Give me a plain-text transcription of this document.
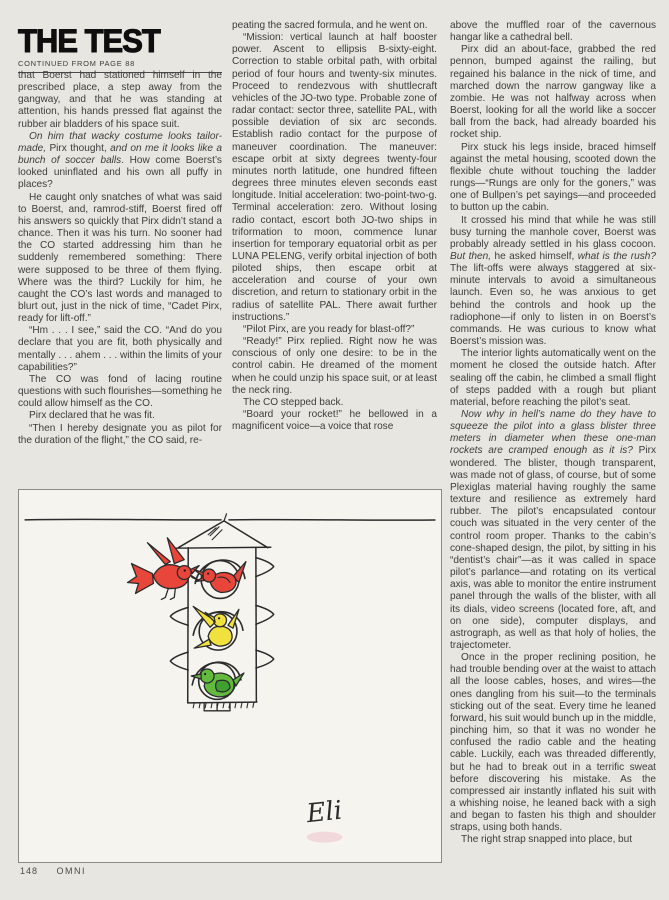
THE TEST
CONTINUED FROM PAGE 88

that Boerst had stationed himself in the prescribed place, a step away from the gangway, and that he was standing at attention, his hands pressed flat against the rubber air bladders of his space suit.

On him that wacky costume looks tailor-made, Pirx thought, and on me it looks like a bunch of soccer balls. How come Boerst’s looked uninflated and his own all puffy in places?

He caught only snatches of what was said to Boerst, and, ramrod-stiff, Boerst fired off his answers so quickly that Pirx didn’t stand a chance. Then it was his turn. No sooner had the CO started addressing him than he suddenly remembered something: There were supposed to be three of them flying. Where was the third? Luckily for him, he caught the CO’s last words and managed to blurt out, just in the nick of time, “Cadet Pirx, ready for lift-off.”

“Hm . . . I see,” said the CO. “And do you declare that you are fit, both physically and mentally . . . ahem . . . within the limits of your capabilities?”

The CO was fond of lacing routine questions with such flourishes—something he could allow himself as the CO.

Pirx declared that he was fit.

“Then I hereby designate you as pilot for the duration of the flight,” the CO said, re-

peating the sacred formula, and he went on.

“Mission: vertical launch at half booster power. Ascent to ellipsis B-sixty-eight. Correction to stable orbital path, with orbital period of four hours and twenty-six minutes. Proceed to rendezvous with shuttlecraft vehicles of the JO-two type. Probable zone of radar contact: sector three, satellite PAL, with possible deviation of six arc seconds. Establish radio contact for the purpose of maneuver coordination. The maneuver: escape orbit at sixty degrees twenty-four minutes north latitude, one hundred fifteen degrees three minutes eleven seconds east longitude. Initial acceleration: two-point-two-g. Terminal acceleration: zero. Without losing radio contact, escort both JO-two ships in triformation to moon, commence lunar insertion for temporary equatorial orbit as per LUNA PELENG, verify orbital injection of both piloted ships, then escape orbit at acceleration and course of your own discretion, and return to stationary orbit in the radius of satellite PAL. There await further instructions.”

“Pilot Pirx, are you ready for blast-off?”

“Ready!” Pirx replied. Right now he was conscious of only one desire: to be in the control cabin. He dreamed of the moment when he could unzip his space suit, or at least the neck ring.

The CO stepped back.

“Board your rocket!” he bellowed in a magnificent voice—a voice that rose

above the muffled roar of the cavernous hangar like a cathedral bell.

Pirx did an about-face, grabbed the red pennon, bumped against the railing, but regained his balance in the nick of time, and marched down the narrow gangway like a zombie. He was not halfway across when Boerst, looking for all the world like a soccer ball from the back, had already boarded his rocket ship.

Pirx stuck his legs inside, braced himself against the metal housing, scooted down the flexible chute without touching the ladder rungs—“Rungs are only for the goners,” was one of Bullpen’s pet sayings—and proceeded to button up the cabin.

It crossed his mind that while he was still busy turning the manhole cover, Boerst was probably already settled in his glass cocoon. But then, he asked himself, what is the rush? The lift-offs were always staggered at six-minute intervals to avoid a simultaneous launch. Even so, he was anxious to get behind the controls and hook up the radiophone—if only to listen in on Boerst’s commands. He was curious to know what Boerst’s mission was.

The interior lights automatically went on the moment he closed the outside hatch. After sealing off the cabin, he climbed a small flight of steps padded with a rough but pliant material, before reaching the pilot’s seat.

Now why in hell’s name do they have to squeeze the pilot into a glass blister three meters in diameter when these one-man rockets are cramped enough as it is? Pirx wondered. The blister, though transparent, was made not of glass, of course, but of some Plexiglas material having roughly the same texture and resilience as extremely hard rubber. The pilot’s encapsulated contour couch was situated in the very center of the control room proper. Thanks to the cabin’s cone-shaped design, the pilot, by sitting in his “dentist’s chair”—as it was called in space pilot’s parlance—and rotating on its vertical axis, was able to monitor the entire instrument panel through the walls of the blister, with all its dials, video screens (located fore, aft, and on one side), computer displays, and astrograph, as well as that holy of holies, the trajectometer.

Once in the proper reclining position, he had trouble bending over at the waist to attach all the loose cables, hoses, and wires—the ones dangling from his suit—to the terminals sticking out of the seat. Every time he leaned forward, his suit would bunch up in the middle, pinching him, so that it was no wonder he confused the radio cable and the heating cable. Luckily, each was threaded differently, but he had to break out in a terrific sweat before discovering his mistake. As the compressed air instantly inflated his suit with a whishing noise, he leaned back with a sigh and began to fasten his thigh and shoulder straps, using both hands.

The right strap snapped into place, but

Eli
148 OMNI
